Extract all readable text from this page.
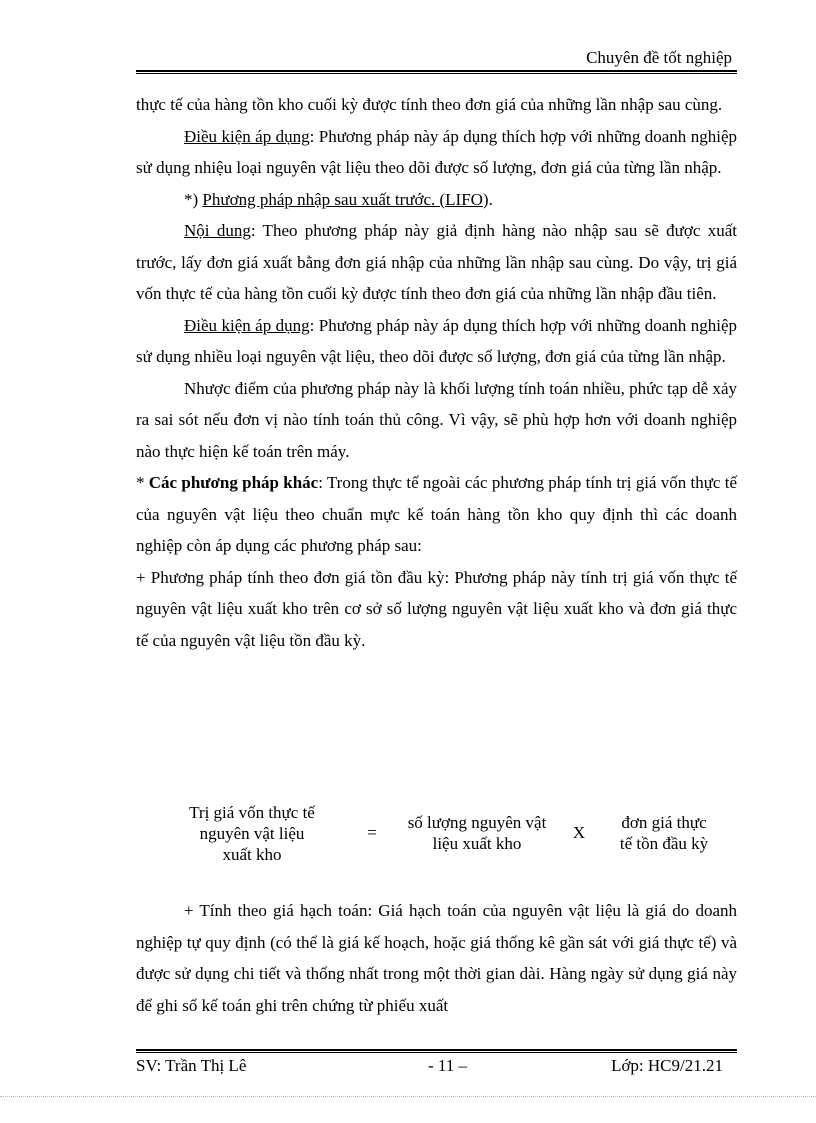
Chuyên đề tốt nghiệp

thực tế của hàng tồn kho cuối kỳ được tính theo đơn giá của những lần nhập sau cùng.

Điều kiện áp dụng: Phương pháp này áp dụng thích hợp với những doanh nghiệp sử dụng nhiệu loại nguyên vật liệu theo dõi được số lượng, đơn giá của từng lần nhập.

*) Phương pháp nhập sau xuất trước. (LIFO).

Nội dung: Theo phương pháp này giả định hàng nào nhập sau sẽ được xuất trước, lấy đơn giá xuất bằng đơn giá nhập của những lần nhập sau cùng. Do vậy, trị giá vốn thực tế của hàng tồn cuối kỳ được tính theo đơn giá của những lần nhập đầu tiên.

Điều kiện áp dụng: Phương pháp này áp dụng thích hợp với những doanh nghiệp sử dụng nhiều loại nguyên vật liệu, theo dõi được số lượng, đơn giá của từng lần nhập.

Nhược điểm của phương pháp này là khối lượng tính toán nhiều, phức tạp dễ xảy ra sai sót nếu đơn vị nào tính toán thủ công. Vì vậy, sẽ phù hợp hơn với doanh nghiệp nào thực hiện kế toán trên máy.

* Các phương pháp khác: Trong thực tế ngoài các phương pháp tính trị giá vốn thực tế của nguyên vật liệu theo chuẩn mực kế toán hàng tồn kho quy định thì các doanh nghiệp còn áp dụng các phương pháp sau:

+ Phương pháp tính theo đơn giá tồn đầu kỳ: Phương pháp này tính trị giá vốn thực tế nguyên vật liệu xuất kho trên cơ sở số lượng nguyên vật liệu xuất kho và đơn giá thực tế của nguyên vật liệu tồn đầu kỳ.

Trị giá vốn thực tế
nguyên vật liệu
xuất kho
=
số lượng nguyên vật
liệu xuất kho
X
đơn giá thực
tế tồn đầu kỳ

+ Tính theo giá hạch toán: Giá hạch toán của nguyên vật liệu là giá do doanh nghiệp tự quy định (có thể là giá kế hoạch, hoặc giá thống kê gần sát với giá thực tế) và được sử dụng chi tiết và thống nhất trong một thời gian dài. Hàng ngày sử dụng giá này để ghi sổ kế toán ghi trên chứng từ phiếu xuất

SV: Trần Thị Lê	- 11 –	Lớp: HC9/21.21
